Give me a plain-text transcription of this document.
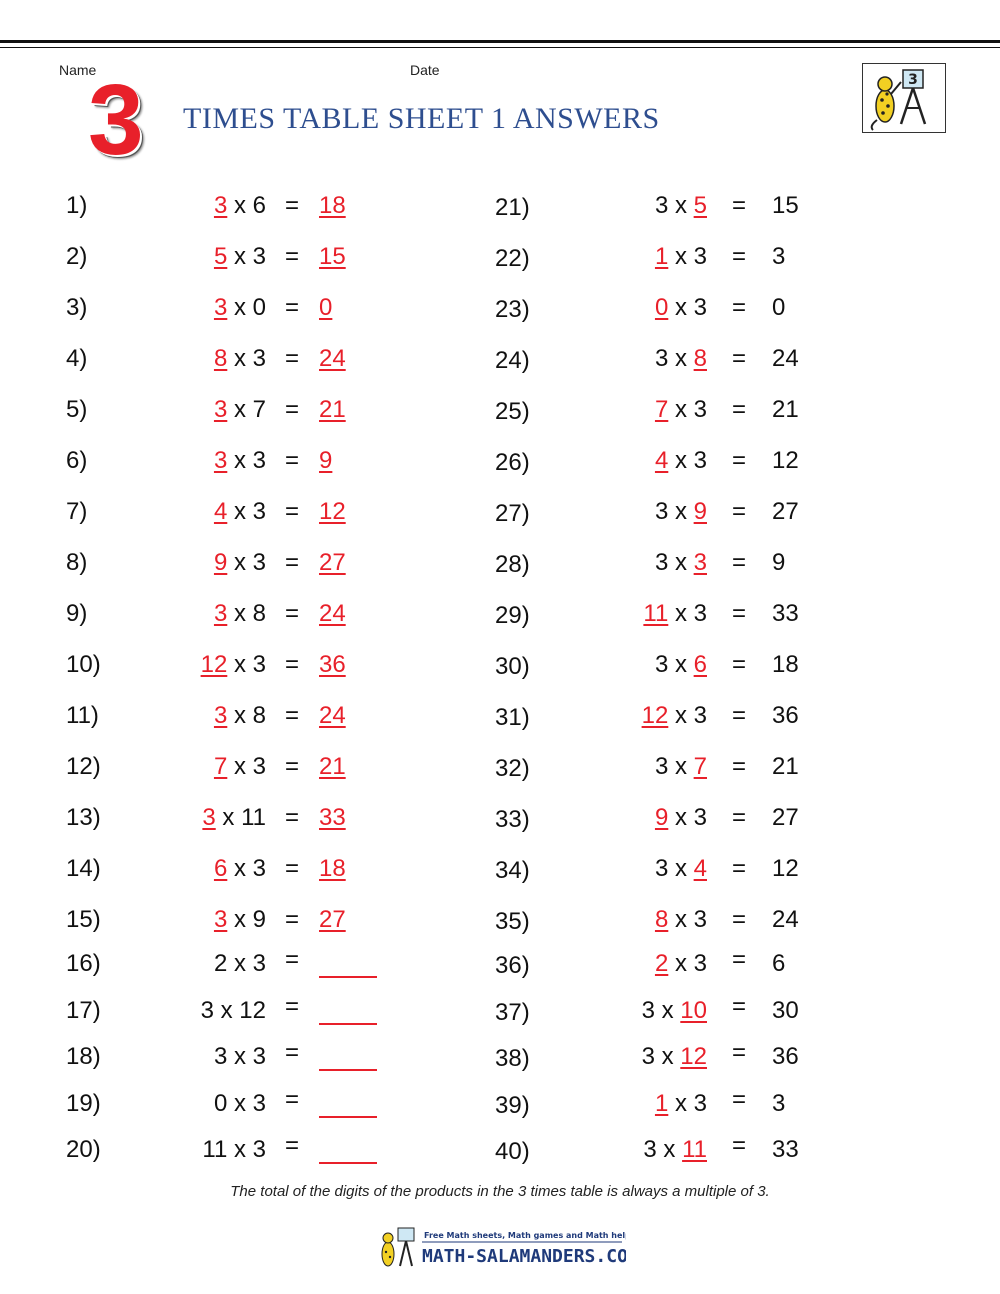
Name	Date
3 TIMES TABLE SHEET 1 ANSWERS
3
1)	3 x 6 = 18
2)	5 x 3 = 15
3)	3 x 0 = 0
4)	8 x 3 = 24
5)	3 x 7 = 21
6)	3 x 3 = 9
7)	4 x 3 = 12
8)	9 x 3 = 27
9)	3 x 8 = 24
10)	12 x 3 = 36
11)	3 x 8 = 24
12)	7 x 3 = 21
13)	3 x 11 = 33
14)	6 x 3 = 18
15)	3 x 9 = 27
16)	2 x 3 =
17)	3 x 12 =
18)	3 x 3 =
19)	0 x 3 =
20)	11 x 3 =
21)	3 x 5 = 15
22)	1 x 3 = 3
23)	0 x 3 = 0
24)	3 x 8 = 24
25)	7 x 3 = 21
26)	4 x 3 = 12
27)	3 x 9 = 27
28)	3 x 3 = 9
29)	11 x 3 = 33
30)	3 x 6 = 18
31)	12 x 3 = 36
32)	3 x 7 = 21
33)	9 x 3 = 27
34)	3 x 4 = 12
35)	8 x 3 = 24
36)	2 x 3 = 6
37)	3 x 10 = 30
38)	3 x 12 = 36
39)	1 x 3 = 3
40)	3 x 11 = 33
The total of the digits of the products in the 3 times table is always a multiple of 3.
Free Math sheets, Math games and Math help
MATH-SALAMANDERS.COM
